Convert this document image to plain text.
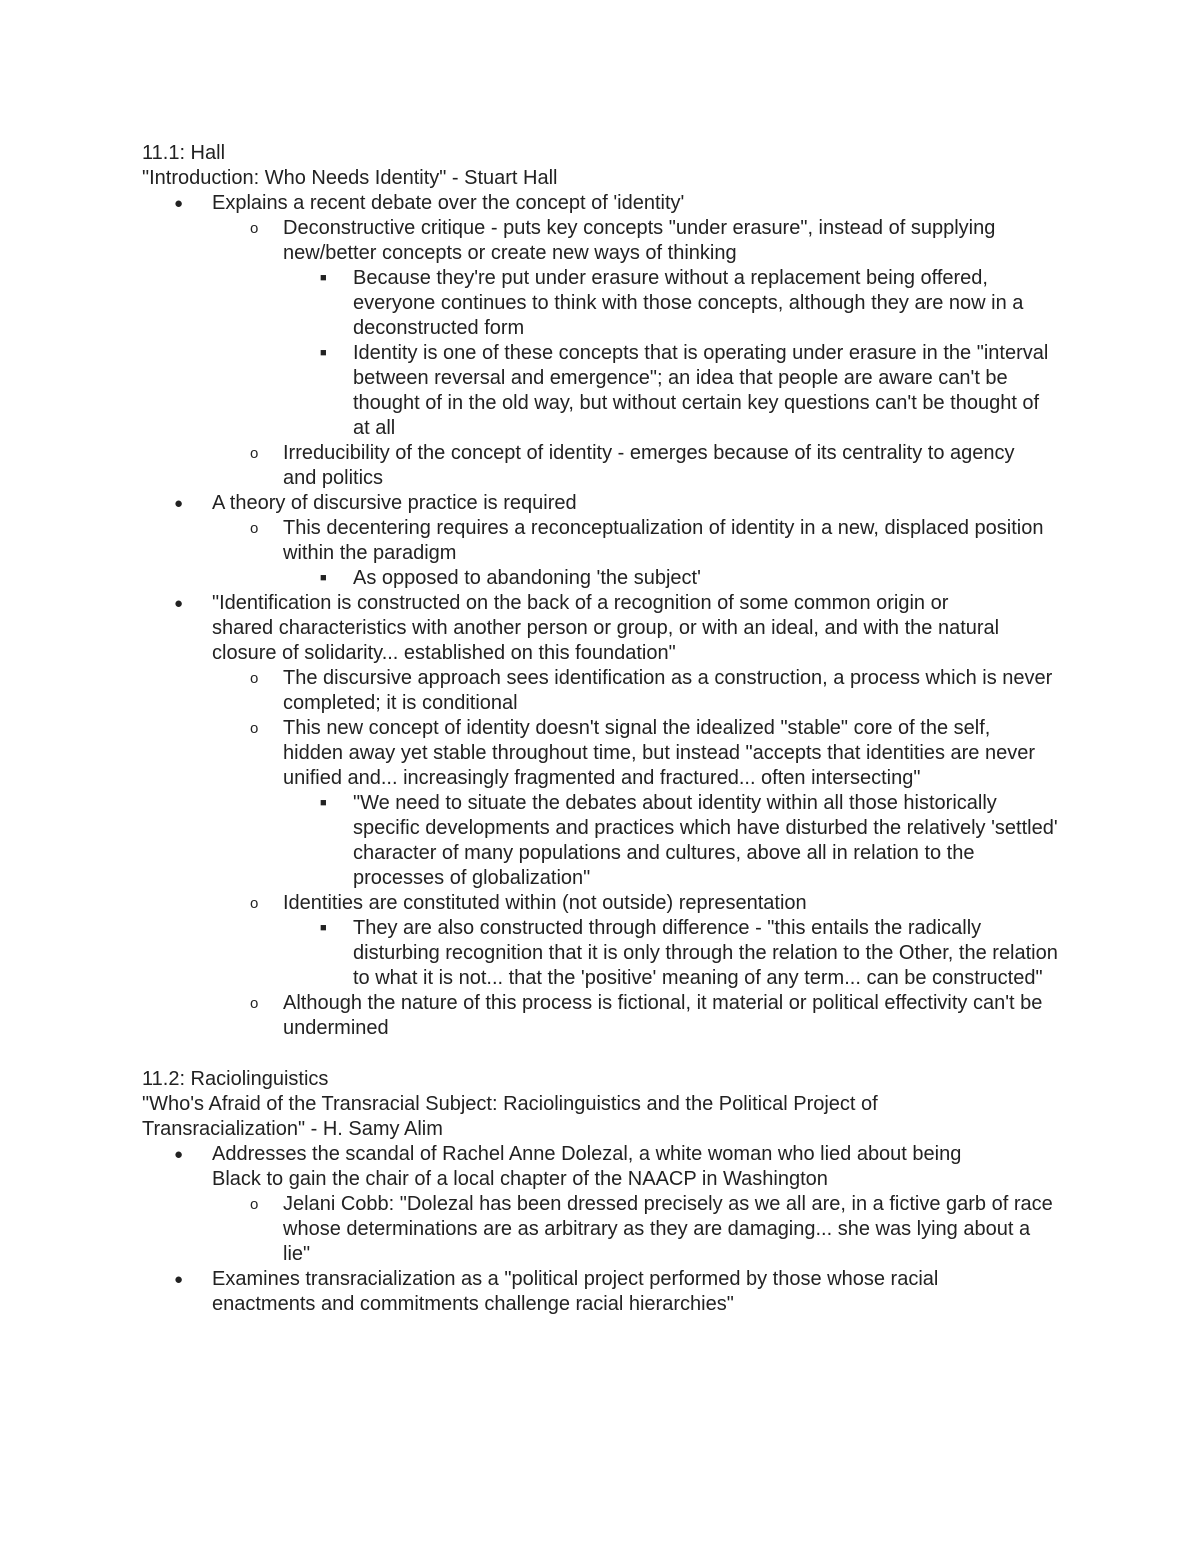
11.1: Hall

"Introduction: Who Needs Identity" - Stuart Hall

● Explains a recent debate over the concept of 'identity'
o Deconstructive critique - puts key concepts "under erasure", instead of supplying new/better concepts or create new ways of thinking
■ Because they're put under erasure without a replacement being offered, everyone continues to think with those concepts, although they are now in a deconstructed form
■ Identity is one of these concepts that is operating under erasure in the "interval between reversal and emergence"; an idea that people are aware can't be thought of in the old way, but without certain key questions can't be thought of at all
o Irreducibility of the concept of identity - emerges because of its centrality to agency and politics
● A theory of discursive practice is required
o This decentering requires a reconceptualization of identity in a new, displaced position within the paradigm
■ As opposed to abandoning 'the subject'
● "Identification is constructed on the back of a recognition of some common origin or shared characteristics with another person or group, or with an ideal, and with the natural closure of solidarity... established on this foundation"
o The discursive approach sees identification as a construction, a process which is never completed; it is conditional
o This new concept of identity doesn't signal the idealized "stable" core of the self, hidden away yet stable throughout time, but instead "accepts that identities are never unified and... increasingly fragmented and fractured... often intersecting"
■ "We need to situate the debates about identity within all those historically specific developments and practices which have disturbed the relatively 'settled' character of many populations and cultures, above all in relation to the processes of globalization"
o Identities are constituted within (not outside) representation
■ They are also constructed through difference - "this entails the radically disturbing recognition that it is only through the relation to the Other, the relation to what it is not... that the 'positive' meaning of any term... can be constructed"
o Although the nature of this process is fictional, it material or political effectivity can't be undermined

11.2: Raciolinguistics

"Who's Afraid of the Transracial Subject: Raciolinguistics and the Political Project of Transracialization" - H. Samy Alim

● Addresses the scandal of Rachel Anne Dolezal, a white woman who lied about being Black to gain the chair of a local chapter of the NAACP in Washington
o Jelani Cobb: "Dolezal has been dressed precisely as we all are, in a fictive garb of race whose determinations are as arbitrary as they are damaging... she was lying about a lie"
● Examines transracialization as a "political project performed by those whose racial enactments and commitments challenge racial hierarchies"
